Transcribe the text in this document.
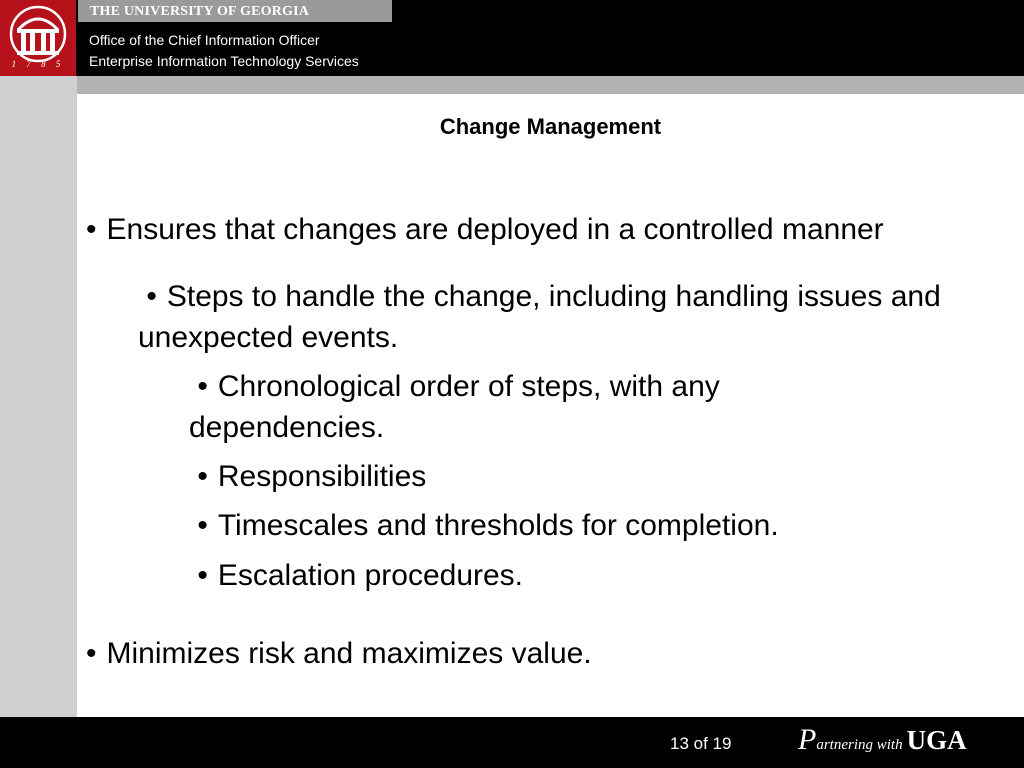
1 7 8 5
THE UNIVERSITY OF GEORGIA
Office of the Chief Information Officer
Enterprise Information Technology Services
Change Management
• Ensures that changes are deployed in a controlled manner
• Steps to handle the change, including handling issues and unexpected events.
• Chronological order of steps, with any dependencies.
• Responsibilities
• Timescales and thresholds for completion.
• Escalation procedures.
• Minimizes risk and maximizes value.
13 of 19 Partnering with UGA
